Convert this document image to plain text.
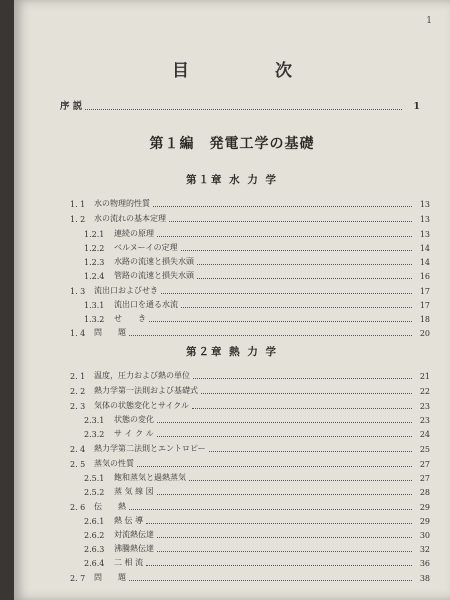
1
目 次
序 説	1
第１編　発電工学の基礎
第１章 水 力 学
1. 1	水の物理的性質	13
1. 2	水の流れの基本定理	13
1.2.1	連続の原理	13
1.2.2	ベルヌーイの定理	14
1.2.3	水路の流速と損失水頭	14
1.2.4	管路の流速と損失水頭	16
1. 3	流出口およびせき	17
1.3.1	流出口を通る水流	17
1.3.2	せ　　き	18
1. 4	問　　題	20
第２章 熱 力 学
2. 1	温度，圧力および熱の単位	21
2. 2	熱力学第一法則および基礎式	22
2. 3	気体の状態変化とサイクル	23
2.3.1	状態の変化	23
2.3.2	サ イ ク ル	24
2. 4	熱力学第二法則とエントロピー	25
2. 5	蒸気の性質	27
2.5.1	飽和蒸気と過熱蒸気	27
2.5.2	蒸 気 線 図	28
2. 6	伝　　熱	29
2.6.1	熱 伝 導	29
2.6.2	対流熱伝達	30
2.6.3	沸騰熱伝達	32
2.6.4	二 相 流	36
2. 7	問　　題	38
